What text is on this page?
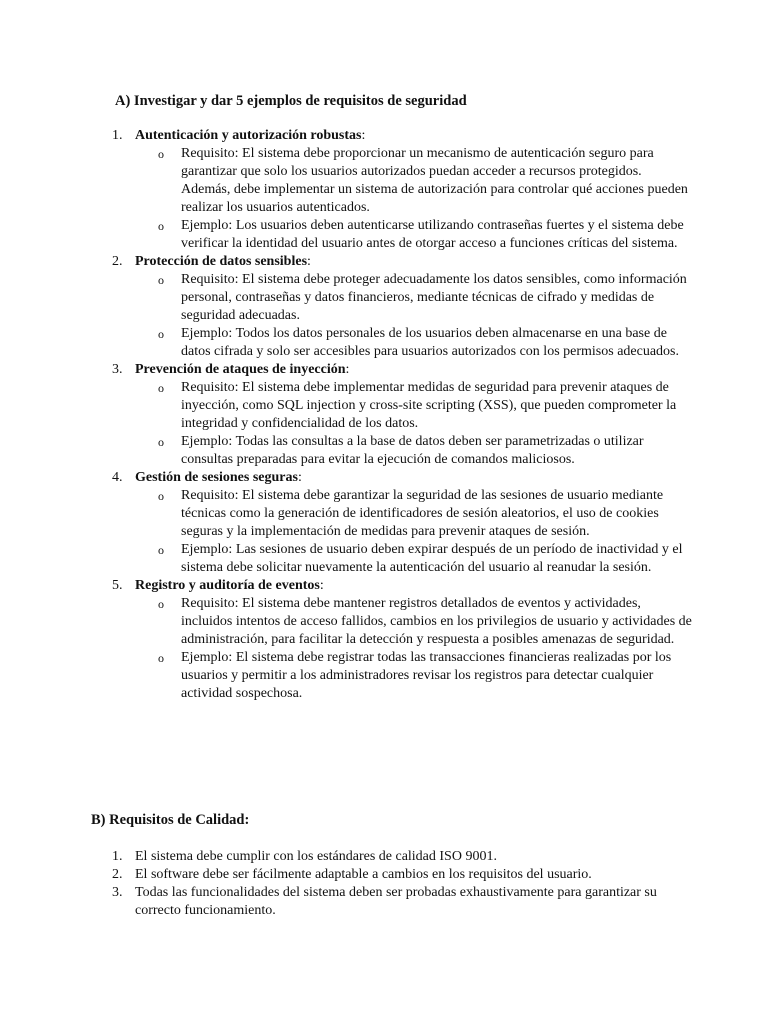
A) Investigar y dar 5 ejemplos de requisitos de seguridad
1. Autenticación y autorización robustas:
o Requisito: El sistema debe proporcionar un mecanismo de autenticación seguro para garantizar que solo los usuarios autorizados puedan acceder a recursos protegidos. Además, debe implementar un sistema de autorización para controlar qué acciones pueden realizar los usuarios autenticados.
o Ejemplo: Los usuarios deben autenticarse utilizando contraseñas fuertes y el sistema debe verificar la identidad del usuario antes de otorgar acceso a funciones críticas del sistema.
2. Protección de datos sensibles:
o Requisito: El sistema debe proteger adecuadamente los datos sensibles, como información personal, contraseñas y datos financieros, mediante técnicas de cifrado y medidas de seguridad adecuadas.
o Ejemplo: Todos los datos personales de los usuarios deben almacenarse en una base de datos cifrada y solo ser accesibles para usuarios autorizados con los permisos adecuados.
3. Prevención de ataques de inyección:
o Requisito: El sistema debe implementar medidas de seguridad para prevenir ataques de inyección, como SQL injection y cross-site scripting (XSS), que pueden comprometer la integridad y confidencialidad de los datos.
o Ejemplo: Todas las consultas a la base de datos deben ser parametrizadas o utilizar consultas preparadas para evitar la ejecución de comandos maliciosos.
4. Gestión de sesiones seguras:
o Requisito: El sistema debe garantizar la seguridad de las sesiones de usuario mediante técnicas como la generación de identificadores de sesión aleatorios, el uso de cookies seguras y la implementación de medidas para prevenir ataques de sesión.
o Ejemplo: Las sesiones de usuario deben expirar después de un período de inactividad y el sistema debe solicitar nuevamente la autenticación del usuario al reanudar la sesión.
5. Registro y auditoría de eventos:
o Requisito: El sistema debe mantener registros detallados de eventos y actividades, incluidos intentos de acceso fallidos, cambios en los privilegios de usuario y actividades de administración, para facilitar la detección y respuesta a posibles amenazas de seguridad.
o Ejemplo: El sistema debe registrar todas las transacciones financieras realizadas por los usuarios y permitir a los administradores revisar los registros para detectar cualquier actividad sospechosa.
B) Requisitos de Calidad:
1. El sistema debe cumplir con los estándares de calidad ISO 9001.
2. El software debe ser fácilmente adaptable a cambios en los requisitos del usuario.
3. Todas las funcionalidades del sistema deben ser probadas exhaustivamente para garantizar su correcto funcionamiento.
